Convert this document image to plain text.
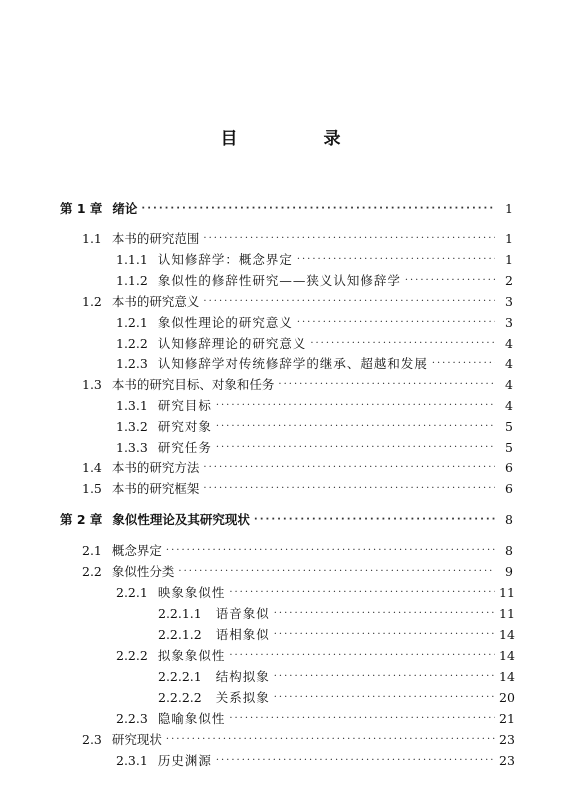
目 录
第 1 章 绪论 ·····	1
1.1 本书的研究范围 ·····	1
1.1.1 认知修辞学：概念界定 ·····	1
1.1.2 象似性的修辞性研究——狭义认知修辞学 ·····	2
1.2 本书的研究意义 ·····	3
1.2.1 象似性理论的研究意义 ·····	3
1.2.2 认知修辞理论的研究意义 ·····	4
1.2.3 认知修辞学对传统修辞学的继承、超越和发展 ·····	4
1.3 本书的研究目标、对象和任务 ·····	4
1.3.1 研究目标 ·····	4
1.3.2 研究对象 ·····	5
1.3.3 研究任务 ·····	5
1.4 本书的研究方法 ·····	6
1.5 本书的研究框架 ·····	6
第 2 章 象似性理论及其研究现状 ·····	8
2.1 概念界定 ·····	8
2.2 象似性分类 ·····	9
2.2.1 映象象似性 ·····	11
2.2.1.1 语音象似 ·····	11
2.2.1.2 语相象似 ·····	14
2.2.2 拟象象似性 ·····	14
2.2.2.1 结构拟象 ·····	14
2.2.2.2 关系拟象 ·····	20
2.2.3 隐喻象似性 ·····	21
2.3 研究现状 ·····	23
2.3.1 历史渊源 ·····	23
